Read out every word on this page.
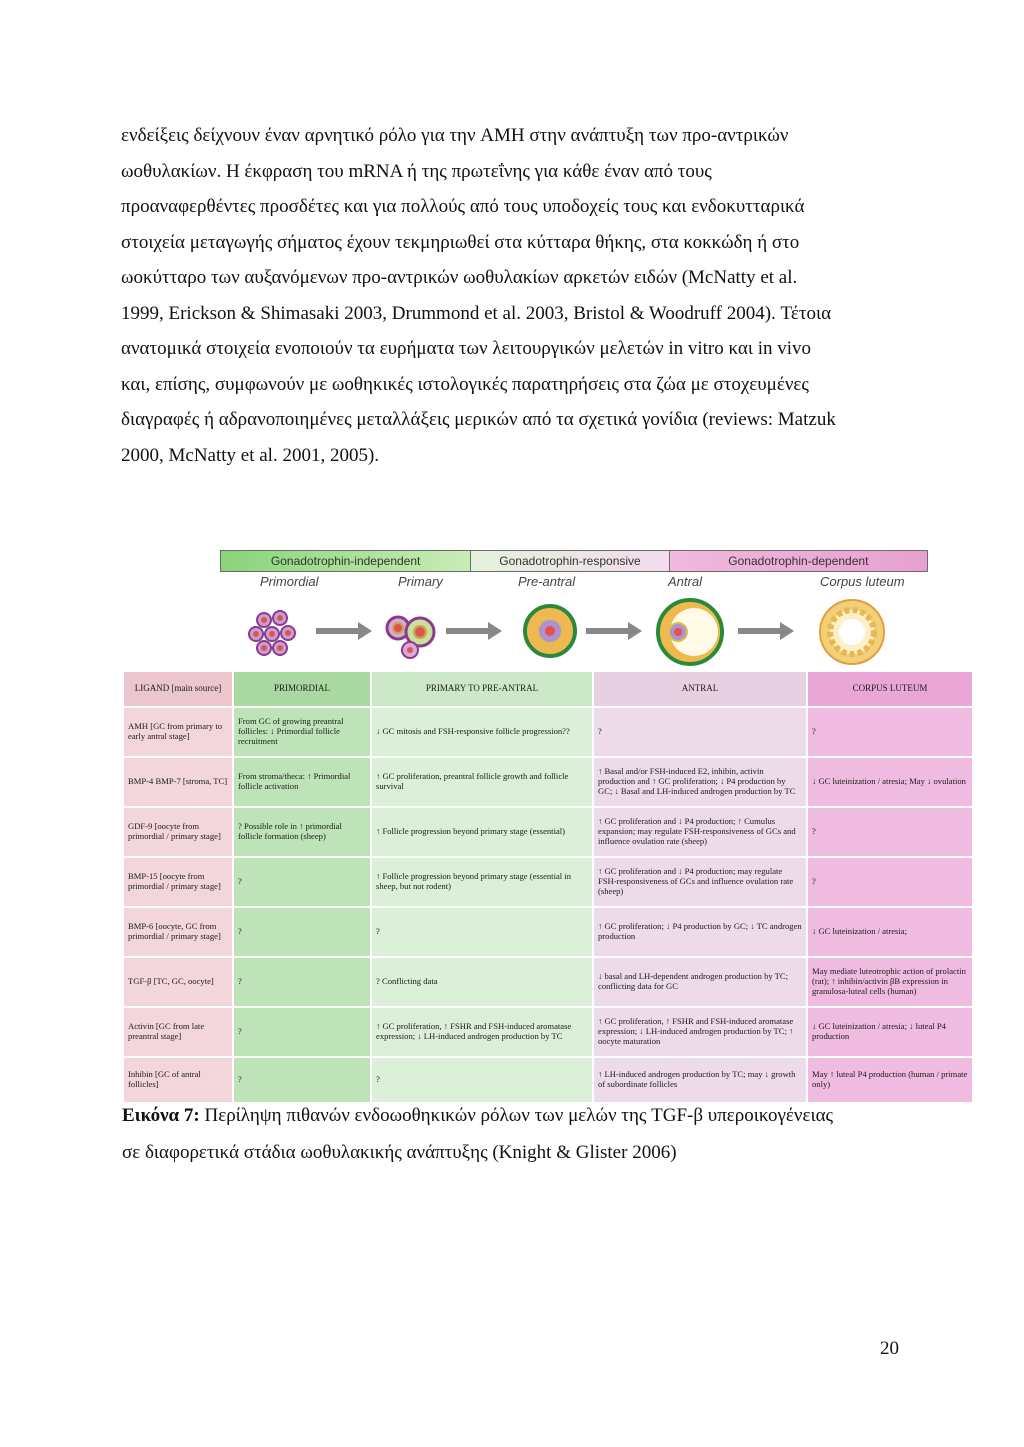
ενδείξεις δείχνουν έναν αρνητικό ρόλο για την AMH στην ανάπτυξη των προ-αντρικών
ωοθυλακίων. Η έκφραση του mRNA ή της πρωτεΐνης για κάθε έναν από τους
προαναφερθέντες προσδέτες και για πολλούς από τους υποδοχείς τους και ενδοκυτταρικά
στοιχεία μεταγωγής σήματος έχουν τεκμηριωθεί στα κύτταρα θήκης, στα κοκκώδη ή στο
ωοκύτταρο των αυξανόμενων προ-αντρικών ωοθυλακίων αρκετών ειδών (McNatty et al.
1999, Erickson & Shimasaki 2003, Drummond et al. 2003, Bristol & Woodruff 2004). Τέτοια
ανατομικά στοιχεία ενοποιούν τα ευρήματα των λειτουργικών μελετών in vitro και in vivo
και, επίσης, συμφωνούν με ωοθηκικές ιστολογικές παρατηρήσεις στα ζώα με στοχευμένες
διαγραφές ή αδρανοποιημένες μεταλλάξεις μερικών από τα σχετικά γονίδια (reviews: Matzuk
2000, McNatty et al. 2001, 2005).
Gonadotrophin-independent	Gonadotrophin-responsive	Gonadotrophin-dependent
Primordial	Primary	Pre-antral	Antral	Corpus luteum
LIGAND [main source]	PRIMORDIAL	PRIMARY TO PRE-ANTRAL	ANTRAL	CORPUS LUTEUM
AMH [GC from primary to early antral stage]	From GC of growing preantral follicles: ↓ Primordial follicle recruitment	↓ GC mitosis and FSH-responsive follicle progression??	?	?
BMP-4 BMP-7 [stroma, TC]	From stroma/theca: ↑ Primordial follicle activation	↑ GC proliferation, preantral follicle growth and follicle survival	↑ Basal and/or FSH-induced E2, inhibin, activin production and ↑ GC proliferation; ↓ P4 production by GC; ↓ Basal and LH-induced androgen production by TC	↓ GC luteinization / atresia; May ↓ ovulation
GDF-9 [oocyte from primordial / primary stage]	? Possible role in ↑ primordial follicle formation (sheep)	↑ Follicle progression beyond primary stage (essential)	↑ GC proliferation and ↓ P4 production; ↑ Cumulus expansion; may regulate FSH-responsiveness of GCs and influence ovulation rate (sheep)	?
BMP-15 [oocyte from primordial / primary stage]	?	↑ Follicle progression beyond primary stage (essential in sheep, but not rodent)	↑ GC proliferation and ↓ P4 production; may regulate FSH-responsiveness of GCs and influence ovulation rate (sheep)	?
BMP-6 [oocyte, GC from primordial / primary stage]	?	?	↑ GC proliferation; ↓ P4 production by GC; ↓ TC androgen production	↓ GC luteinization / atresia;
TGF-β [TC, GC, oocyte]	?	? Conflicting data	↓ basal and LH-dependent androgen production by TC; conflicting data for GC	May mediate luteotrophic action of prolactin (rat); ↑ inhibin/activin βB expression in granulosa-luteal cells (human)
Activin [GC from late preantral stage]	?	↑ GC proliferation, ↑ FSHR and FSH-induced aromatase expression; ↓ LH-induced androgen production by TC	↑ GC proliferation, ↑ FSHR and FSH-induced aromatase expression; ↓ LH-induced androgen production by TC; ↑ oocyte maturation	↓ GC luteinization / atresia; ↓ luteal P4 production
Inhibin [GC of antral follicles]	?	?	↑ LH-induced androgen production by TC; may ↓ growth of subordinate follicles	May ↑ luteal P4 production (human / primate only)
Εικόνα 7: Περίληψη πιθανών ενδοωοθηκικών ρόλων των μελών της TGF-β υπεροικογένειας
σε διαφορετικά στάδια ωοθυλακικής ανάπτυξης (Knight & Glister 2006)
20
